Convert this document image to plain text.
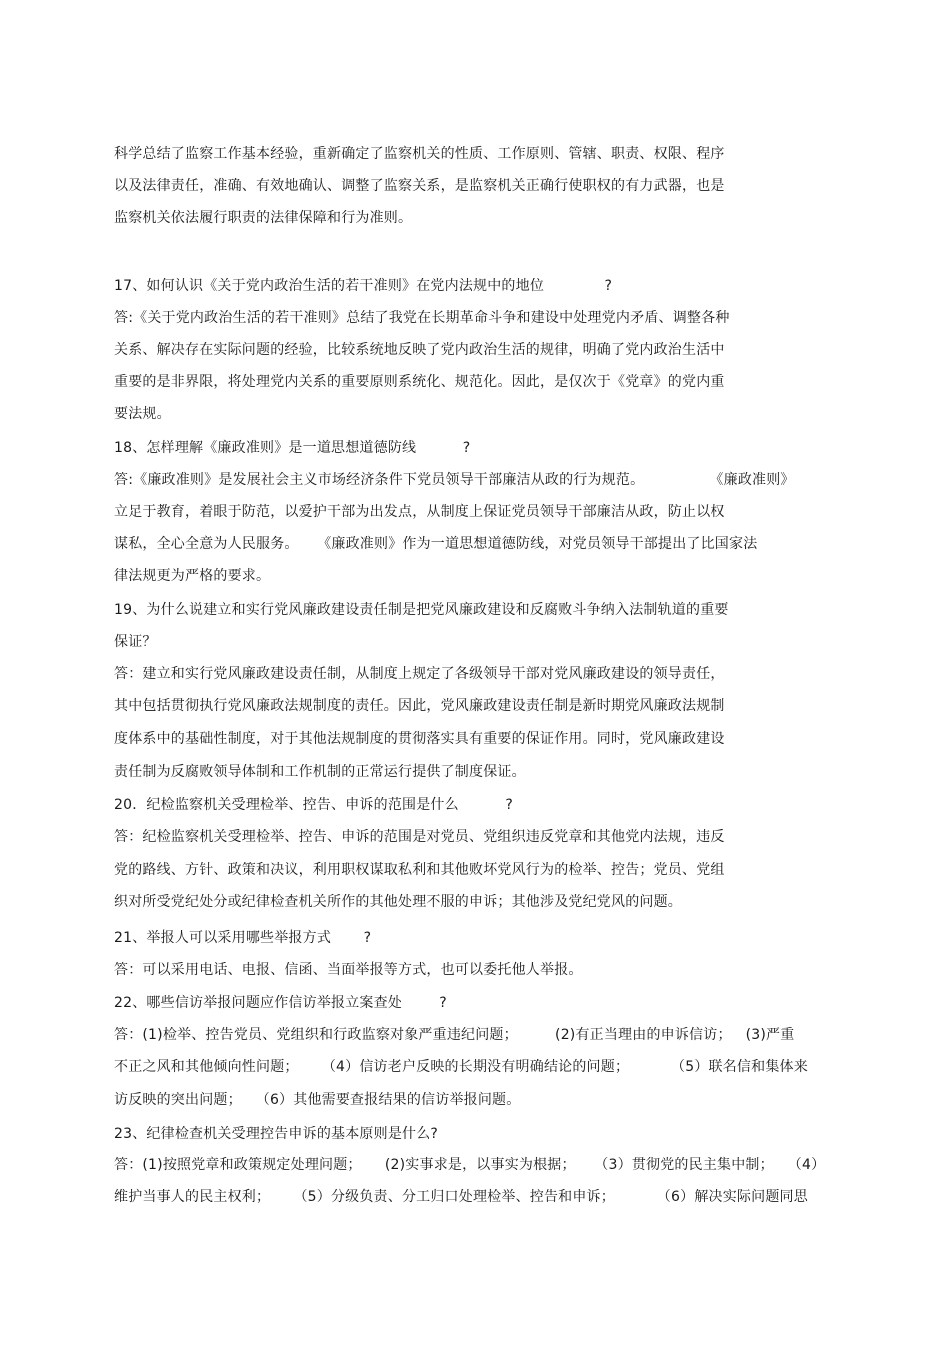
科学总结了监察工作基本经验，重新确定了监察机关的性质、工作原则、管辖、职责、权限、程序
以及法律责任，准确、有效地确认、调整了监察关系，是监察机关正确行使职权的有力武器，也是
监察机关依法履行职责的法律保障和行为准则。
17、如何认识《关于党内政治生活的若干准则》在党内法规中的地位             ?
答:《关于党内政治生活的若干准则》总结了我党在长期革命斗争和建设中处理党内矛盾、调整各种
关系、解决存在实际问题的经验，比较系统地反映了党内政治生活的规律，明确了党内政治生活中
重要的是非界限，将处理党内关系的重要原则系统化、规范化。因此，是仅次于《党章》的党内重
要法规。
18、怎样理解《廉政准则》是一道思想道德防线          ?
答:《廉政准则》是发展社会主义市场经济条件下党员领导干部廉洁从政的行为规范。              《廉政准则》
立足于教育，着眼于防范，以爱护干部为出发点，从制度上保证党员领导干部廉洁从政，防止以权
谋私，全心全意为人民服务。    《廉政准则》作为一道思想道德防线，对党员领导干部提出了比国家法
律法规更为严格的要求。
19、为什么说建立和实行党风廉政建设责任制是把党风廉政建设和反腐败斗争纳入法制轨道的重要
保证？
答：建立和实行党风廉政建设责任制，从制度上规定了各级领导干部对党风廉政建设的领导责任，
其中包括贯彻执行党风廉政法规制度的责任。因此，党风廉政建设责任制是新时期党风廉政法规制
度体系中的基础性制度，对于其他法规制度的贯彻落实具有重要的保证作用。同时，党风廉政建设
责任制为反腐败领导体制和工作机制的正常运行提供了制度保证。
20．纪检监察机关受理检举、控告、申诉的范围是什么          ?
答：纪检监察机关受理检举、控告、申诉的范围是对党员、党组织违反党章和其他党内法规，违反
党的路线、方针、政策和决议，利用职权谋取私利和其他败坏党风行为的检举、控告；党员、党组
织对所受党纪处分或纪律检查机关所作的其他处理不服的申诉；其他涉及党纪党风的问题。
21、举报人可以采用哪些举报方式       ?
答：可以采用电话、电报、信函、当面举报等方式，也可以委托他人举报。
22、哪些信访举报问题应作信访举报立案查处        ?
答：(1)检举、控告党员、党组织和行政监察对象严重违纪问题；        (2)有正当理由的申诉信访；   (3)严重
不正之风和其他倾向性问题；     （4）信访老户反映的长期没有明确结论的问题；         （5）联名信和集体来
访反映的突出问题；   （6）其他需要查报结果的信访举报问题。
23、纪律检查机关受理控告申诉的基本原则是什么?
答：(1)按照党章和政策规定处理问题；     (2)实事求是，以事实为根据；    （3）贯彻党的民主集中制；   （4）
维护当事人的民主权利；     （5）分级负责、分工归口处理检举、控告和申诉；         （6）解决实际问题同思
